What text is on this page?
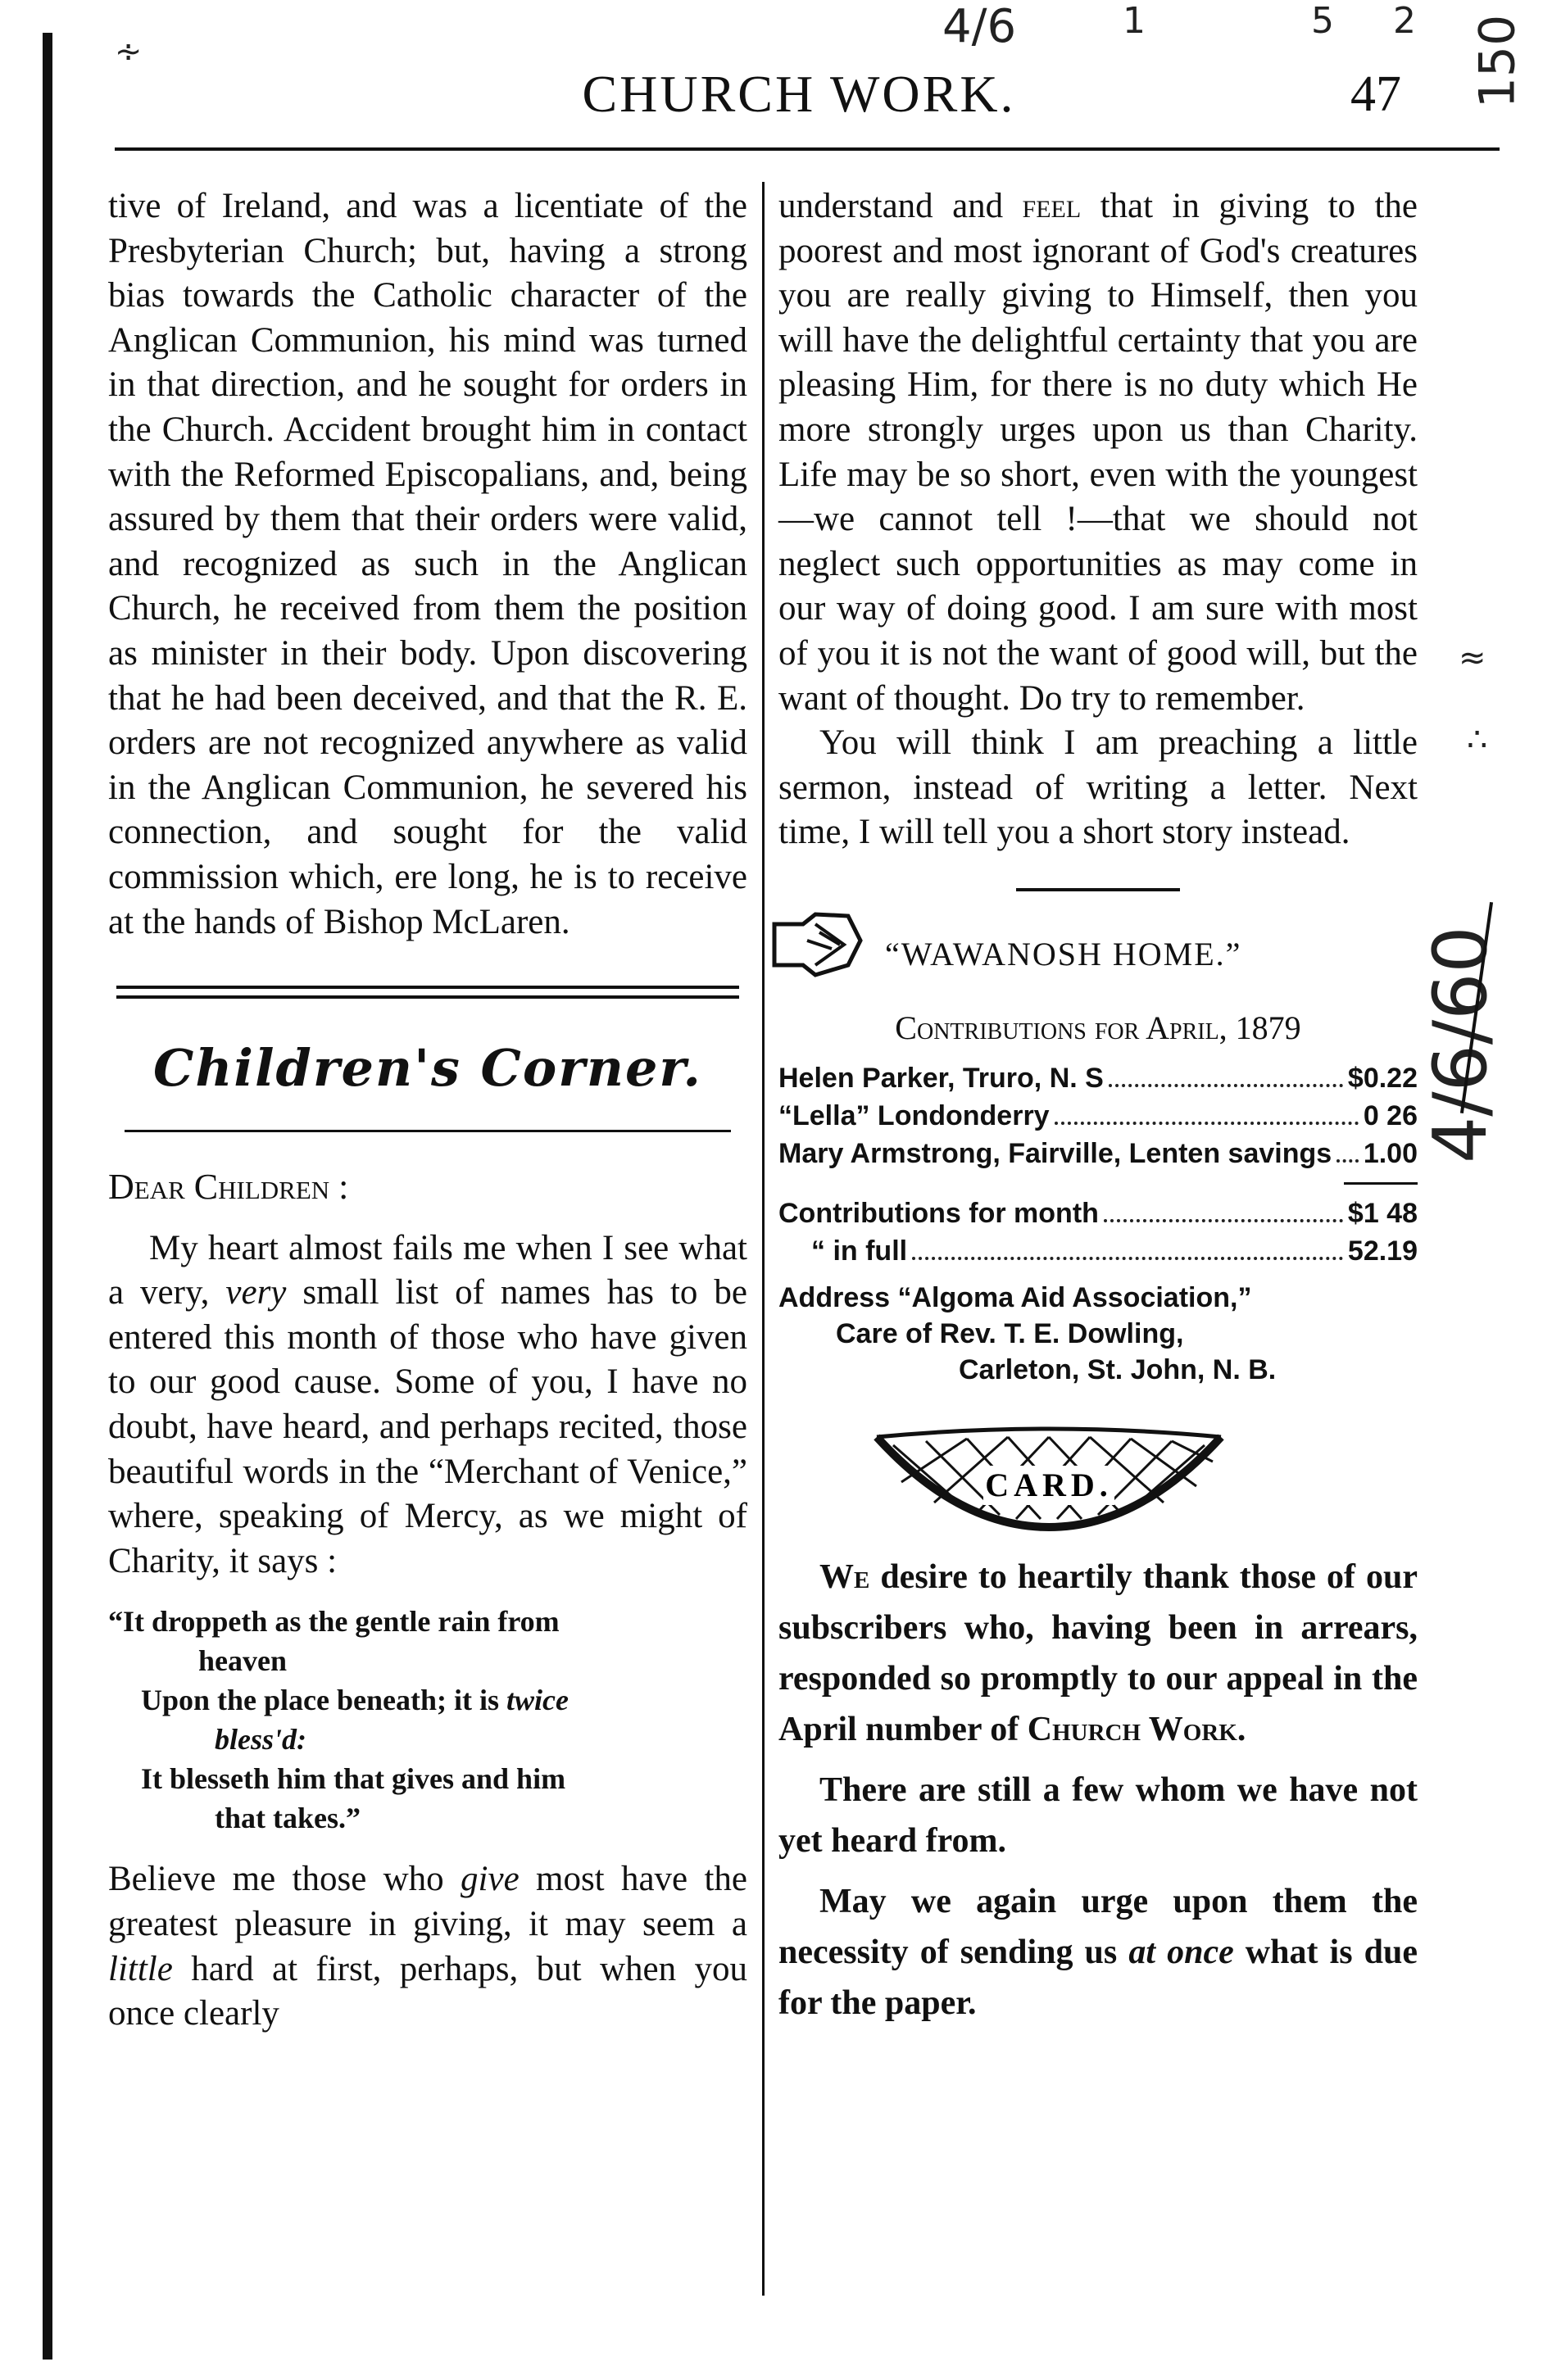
CHURCH WORK.	47
∻	4/6	1	5 2 150
4/6/60
≈
∴

tive of Ireland, and was a licentiate of the Presbyterian Church; but, having a strong bias towards the Catholic character of the Anglican Communion, his mind was turned in that direction, and he sought for orders in the Church. Accident brought him in contact with the Reformed Episcopalians, and, being assured by them that their orders were valid, and recognized as such in the Anglican Church, he received from them the position as minister in their body. Upon discovering that he had been deceived, and that the R. E. orders are not recognized anywhere as valid in the Anglican Communion, he severed his connection, and sought for the valid commission which, ere long, he is to receive at the hands of Bishop McLaren.

Children's Corner.
Dear Children :

My heart almost fails me when I see what a very, very small list of names has to be entered this month of those who have given to our good cause. Some of you, I have no doubt, have heard, and perhaps recited, those beautiful words in the “Merchant of Venice,” where, speaking of Mercy, as we might of Charity, it says :

“It droppeth as the gentle rain from
heaven
Upon the place beneath; it is twice
bless'd:
It blesseth him that gives and him
that takes.”

Believe me those who give most have the greatest pleasure in giving, it may seem a little hard at first, perhaps, but when you once clearly

understand and feel that in giving to the poorest and most ignorant of God's creatures you are really giving to Himself, then you will have the delightful certainty that you are pleasing Him, for there is no duty which He more strongly urges upon us than Charity. Life may be so short, even with the youngest —we cannot tell !—that we should not neglect such opportunities as may come in our way of doing good. I am sure with most of you it is not the want of good will, but the want of thought. Do try to remember.

You will think I am preaching a little sermon, instead of writing a letter. Next time, I will tell you a short story instead.

“WAWANOSH HOME.”
Contributions for April, 1879
Helen Parker, Truro, N. S	$0.22
“Lella” Londonderry	0 26
Mary Armstrong, Fairville, Lenten savings 1.00
Contributions for month	$1 48
“ in full	52.19
Address “Algoma Aid Association,”
Care of Rev. T. E. Dowling,
Carleton, St. John, N. B.
CARD.

We desire to heartily thank those of our subscribers who, having been in arrears, responded so promptly to our appeal in the April number of Church Work.

There are still a few whom we have not yet heard from.

May we again urge upon them the necessity of sending us at once what is due for the paper.
